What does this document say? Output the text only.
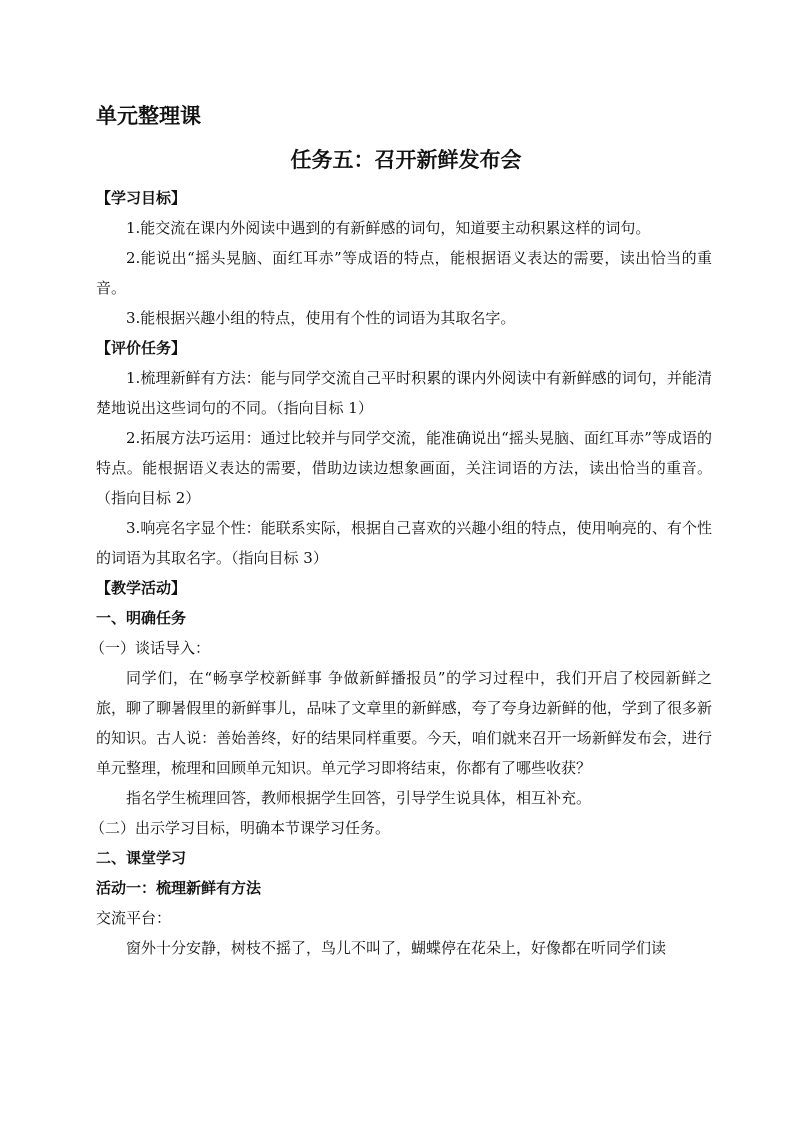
单元整理课
任务五：召开新鲜发布会
【学习目标】
1.能交流在课内外阅读中遇到的有新鲜感的词句，知道要主动积累这样的词句。
2.能说出“摇头晃脑、面红耳赤”等成语的特点，能根据语义表达的需要，读出恰当的重音。
3.能根据兴趣小组的特点，使用有个性的词语为其取名字。
【评价任务】
1.梳理新鲜有方法：能与同学交流自己平时积累的课内外阅读中有新鲜感的词句，并能清楚地说出这些词句的不同。（指向目标 1）
2.拓展方法巧运用：通过比较并与同学交流，能准确说出“摇头晃脑、面红耳赤”等成语的特点。能根据语义表达的需要，借助边读边想象画面，关注词语的方法，读出恰当的重音。（指向目标 2）
3.响亮名字显个性：能联系实际，根据自己喜欢的兴趣小组的特点，使用响亮的、有个性的词语为其取名字。（指向目标 3）
【教学活动】
一、明确任务
（一）谈话导入：
同学们，在“畅享学校新鲜事 争做新鲜播报员”的学习过程中，我们开启了校园新鲜之旅，聊了聊暑假里的新鲜事儿，品味了文章里的新鲜感，夸了夸身边新鲜的他，学到了很多新的知识。古人说：善始善终，好的结果同样重要。今天，咱们就来召开一场新鲜发布会，进行单元整理，梳理和回顾单元知识。单元学习即将结束，你都有了哪些收获？
指名学生梳理回答，教师根据学生回答，引导学生说具体，相互补充。
（二）出示学习目标，明确本节课学习任务。
二、课堂学习
活动一：梳理新鲜有方法
交流平台：
窗外十分安静，树枝不摇了，鸟儿不叫了，蝴蝶停在花朵上，好像都在听同学们读
